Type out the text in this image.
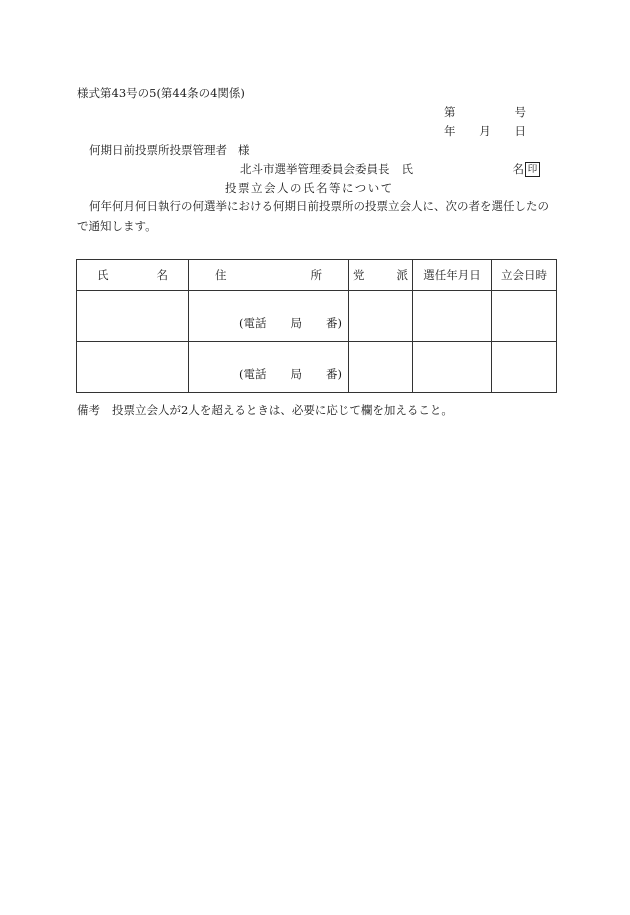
様式第43号の5(第44条の4関係)
第	号
年 月 日
何期日前投票所投票管理者 様
北斗市選挙管理委員会委員長 氏	名 印
投票立会人の氏名等について
何年何月何日執行の何選挙における何期日前投票所の投票立会人に、次の者を選任したので通知します。
氏 名	住 所	党 派	選任年月日	立会日時

	(電話 局 番)			

	(電話 局 番)			

備考 投票立会人が2人を超えるときは、必要に応じて欄を加えること。
